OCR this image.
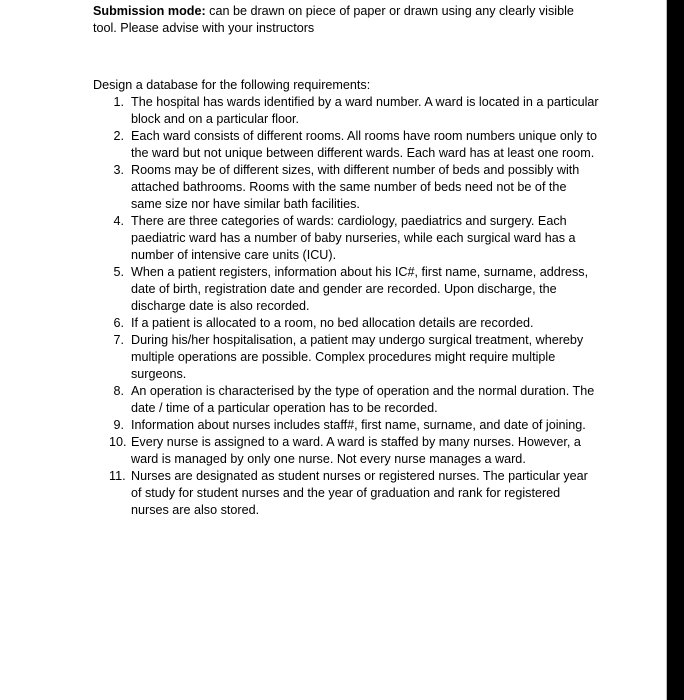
Submission mode: can be drawn on piece of paper or drawn using any clearly visible tool. Please advise with your instructors
Design a database for the following requirements:
1. The hospital has wards identified by a ward number. A ward is located in a particular block and on a particular floor.
2. Each ward consists of different rooms. All rooms have room numbers unique only to the ward but not unique between different wards. Each ward has at least one room.
3. Rooms may be of different sizes, with different number of beds and possibly with attached bathrooms. Rooms with the same number of beds need not be of the same size nor have similar bath facilities.
4. There are three categories of wards: cardiology, paediatrics and surgery. Each paediatric ward has a number of baby nurseries, while each surgical ward has a number of intensive care units (ICU).
5. When a patient registers, information about his IC#, first name, surname, address, date of birth, registration date and gender are recorded. Upon discharge, the discharge date is also recorded.
6. If a patient is allocated to a room, no bed allocation details are recorded.
7. During his/her hospitalisation, a patient may undergo surgical treatment, whereby multiple operations are possible. Complex procedures might require multiple surgeons.
8. An operation is characterised by the type of operation and the normal duration. The date / time of a particular operation has to be recorded.
9. Information about nurses includes staff#, first name, surname, and date of joining.
10. Every nurse is assigned to a ward. A ward is staffed by many nurses. However, a ward is managed by only one nurse. Not every nurse manages a ward.
11. Nurses are designated as student nurses or registered nurses. The particular year of study for student nurses and the year of graduation and rank for registered nurses are also stored.
